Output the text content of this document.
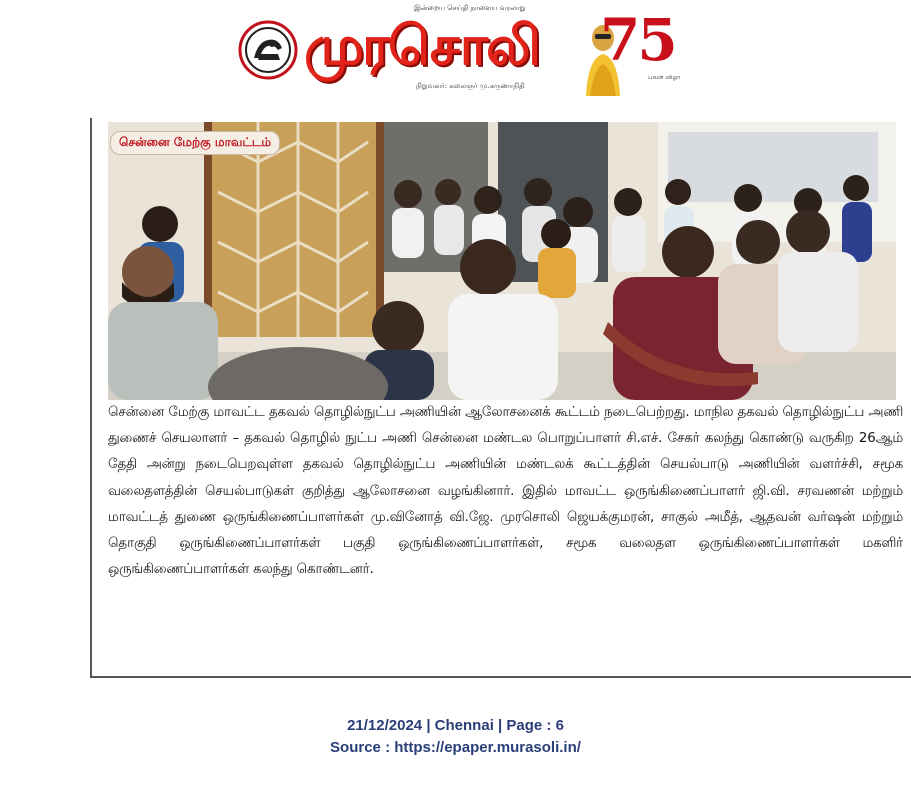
இன்றைய செய்தி நாளைய வரலாறு
முரசொலி
நிறுவனர்: கலைஞர் மு.கருணாநிதி
75
பவள விழா
சென்னை மேற்கு மாவட்டம்
சென்னை மேற்கு மாவட்ட தகவல் தொழில்நுட்ப அணியின் ஆலோசனைக் கூட்டம் நடைபெற்றது. மாநில தகவல் தொழில்நுட்ப அணி துணைச் செயலாளர் – தகவல் தொழில் நுட்ப அணி சென்னை மண்டல பொறுப்பாளர் சி.எச். சேகர் கலந்து கொண்டு வருகிற 26ஆம் தேதி அன்று நடைபெறவுள்ள தகவல் தொழில்நுட்ப அணியின் மண்டலக் கூட்டத்தின் செயல்பாடு அணியின் வளர்ச்சி, சமூக வலைதளத்தின் செயல்பாடுகள் குறித்து ஆலோசனை வழங்கினார். இதில் மாவட்ட ஒருங்கிணைப்பாளர் ஜி.வி. சரவணன் மற்றும் மாவட்டத் துணை ஒருங்கிணைப்பாளர்கள் மு.வினோத் வி.ஜே. முரசொலி ஜெயக்குமரன், சாகுல் அமீத், ஆதவன் வர்ஷன் மற்றும் தொகுதி ஒருங்கிணைப்பாளர்கள் பகுதி ஒருங்கிணைப்பாளர்கள், சமூக வலைதள ஒருங்கிணைப்பாளர்கள் மகளிர் ஒருங்கிணைப்பாளர்கள் கலந்து கொண்டனர்.
21/12/2024 | Chennai | Page : 6
Source : https://epaper.murasoli.in/
